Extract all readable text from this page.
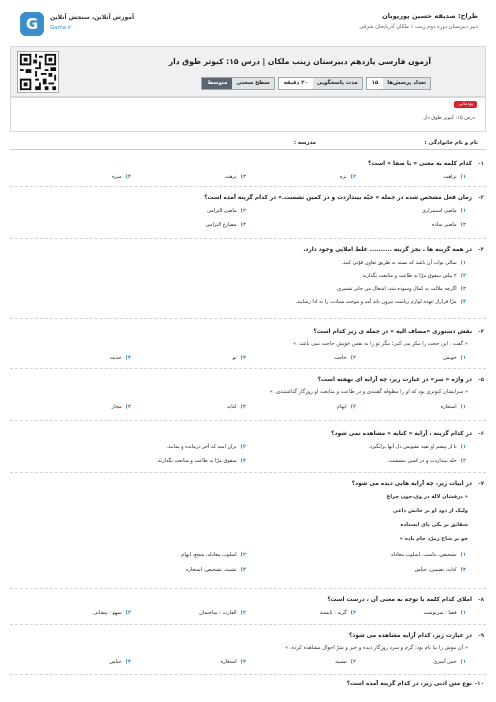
طراح: صدیقه حسین پوریوبان
دبیر دبیرستان دوره دوم زینب ۱ ملکان آذربایجان شرقی
G	آموزش آنلاین، سنجش آنلاین
Gama.ir
آزمون فارسی یازدهم دبیرستان زینب ملکان | درس ۱۵: کبوتر طوق دار
تعداد پرسش‌ها
۱۵
مدت پاسخگویی
۲۰ دقیقه
سطح سختی
متوسط
پودمانی
درس ۱۵: کبوتر طوق دار
نام و نام خانوادگی :
مدرسه :
۱-
کدام کلمه به معنی « با صفا » است؟
۱)نزاهت
۲)نزه
۳)نزهت
۴)منزه
۲-
زمان فعل مشخص شده در جمله « حبّه بیندازدت و در کمین نشست.» در کدام گزینه آمده است؟
۱)ماضی استمراری
۲)ماضی التزامی
۳)ماضی ساده
۴)مضارع التزامی
۳-
در همه گزینه ها ، بجز گزینه .......... غلط املایی وجود دارد.
۱)سالی ثواب آن باشد که بسته به طریق تعاون قوّتی کنید.
۲)۲ بیلتن سقوق مرّا به طاعت و متابعت بگذارند.
۳)اگرچه ملالت به کمال وسوده شد، اشغال من جابر تشمری
۴)مرّا فراراز عهده لوازم ریاست بیرون باید آمد و موجب سیادت را به ادا رسانید.
۴-
نقش دستوری «مضاف الیه » در جمله ی زیر کدام است؟
« گفت : این حجت را مکر می کنی؛ مگر تو را به نفس خویش حاجت نمی باشد .»
۱)خویش
۲)حاجت
۳)تو
۴)حدیث
۵-
در واژه « سر» در عبارت زیر، چه آرایه ای نهفته است؟
« سرایشان کبوتری بود که او را مطوقه گفتندی و در طاعت و متابعت او روزگار گذاشتندی. »
۱)استعاره
۲)ایهام
۳)کنایه
۴)مجاز
۶-
در کدام گزینه ، آرایه « کنایه » مشاهده نمی شود؟
۱)تا از پیشم او تقیه تشویش دل آنها برانگیزد.
۲)بران امید که آخر درمانده و بمانند.
۳)حبّه بیندازدت و در کمین بنشست.
۴)سقوق مرّا به طاعت و متابعت بگذارند.
۷-
در ابیات زیر، چه آرایه هایی دیده می شود؟
« درفشان لاله در وی،چون چراغ
ولیک از دود او بر جانش داغی
شقایق بر یکی پای ایستاده
چو بر شاخ زمرّد جام باده »
۱)تشخیص، تناسب ،اسلوب معادله
۲)اسلوب معادله، سجع، ایهام
۳)کنایه، تضمین، جناس
۴)تشبیه، تشخیص، استعاره
۸-
املای کدام کلمه با توجه به معنی آن ، درست است؟
۱)فضا : سرنوشت
۲)گریه : نابسند
۳)الفارت : ساختمان
۴)سهو : پیشانی
۹-
در عبارت زیر، کدام آرایه مشاهده می شود؟
« آن موش را ببا نام بود؛ گرم و سرد روزگار دیده و خیر و شرّ احوال مشاهده کرده. »
۱)حس آمیزی
۲)تشبیه
۳)استعاره
۴)جناس
۱۰-
نوع متن ادبی زیر، در کدام گزینه آمده است؟
